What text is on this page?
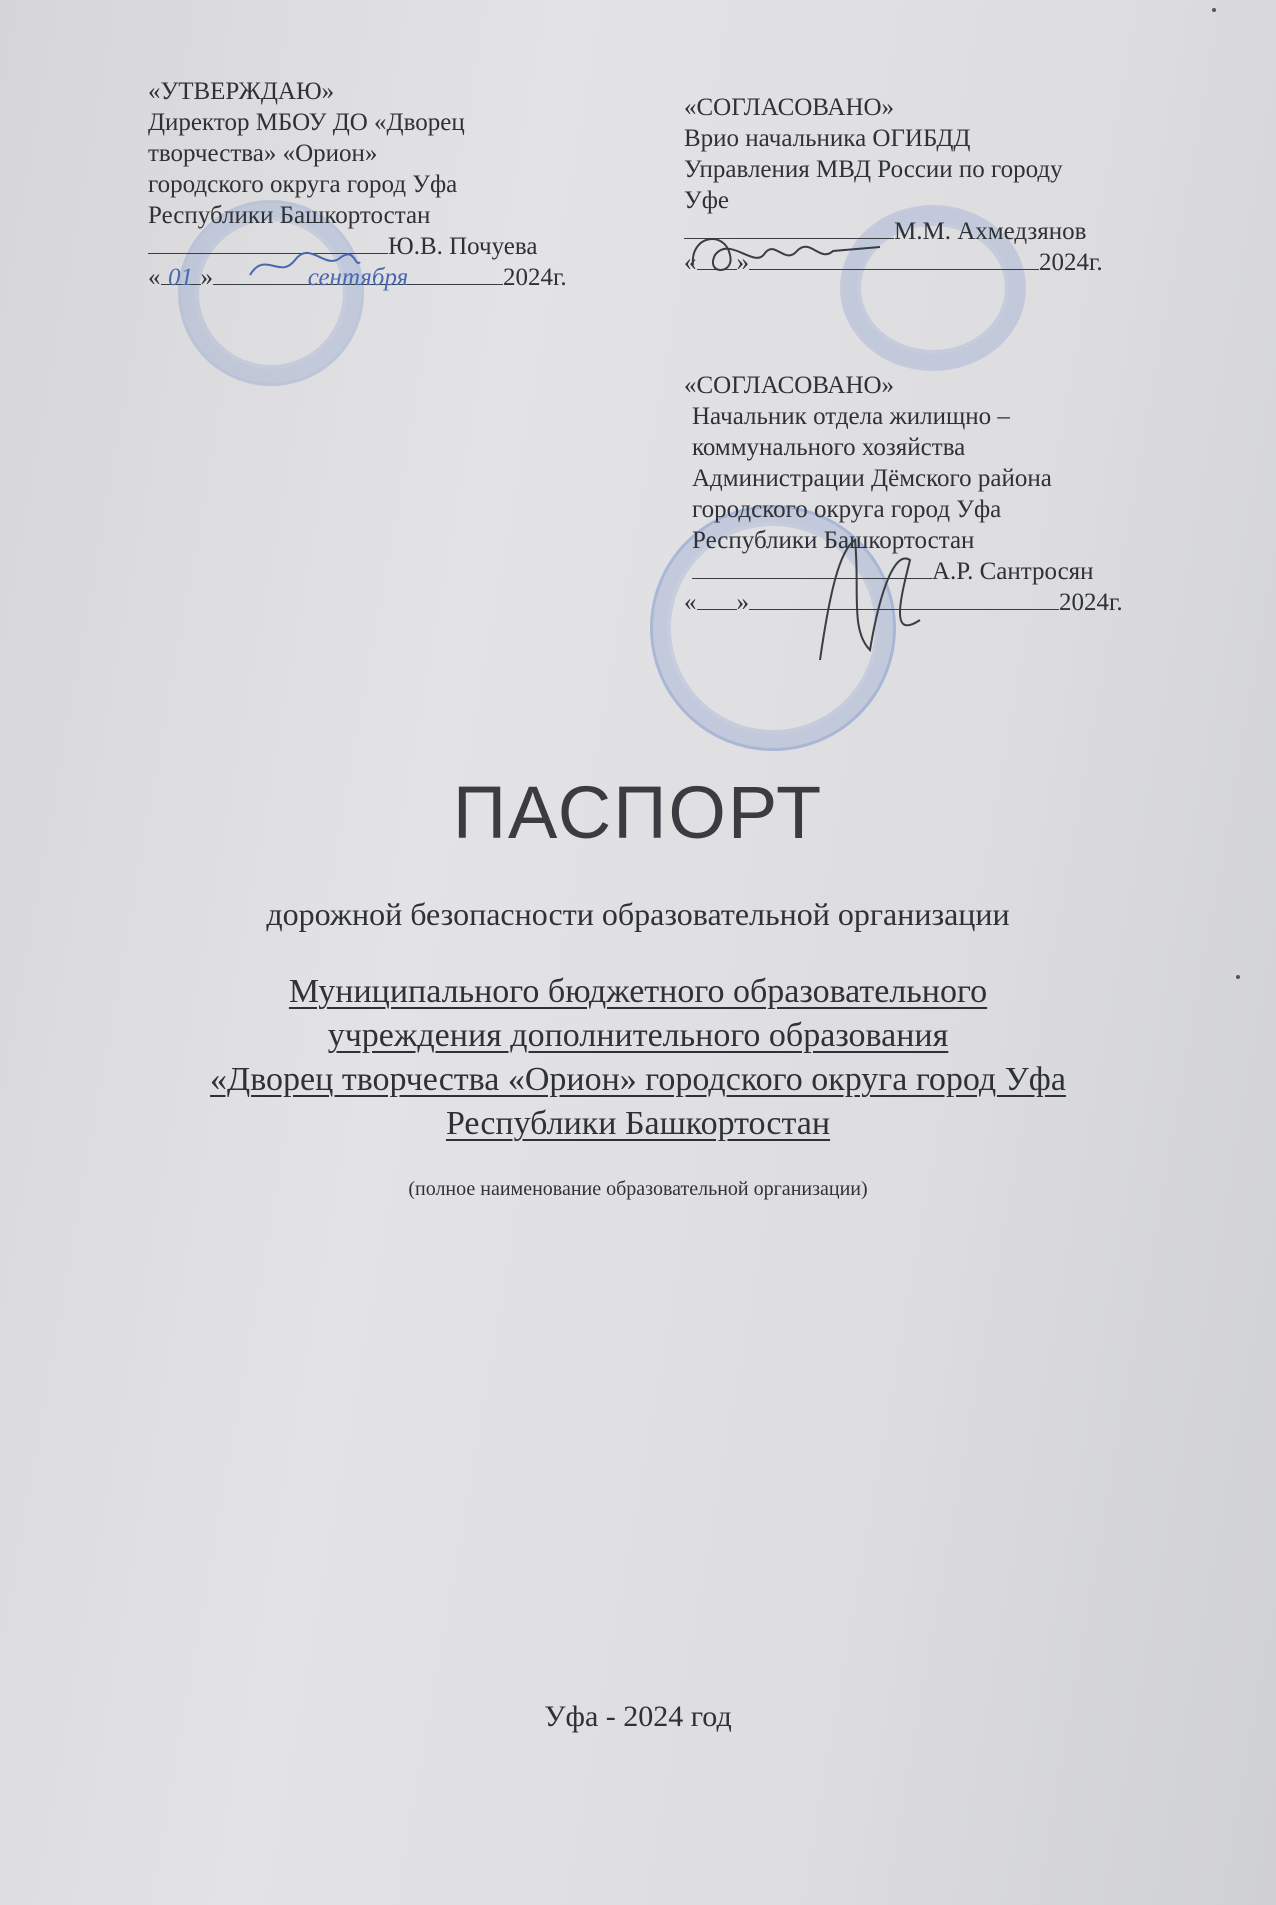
«УТВЕРЖДАЮ»
Директор МБОУ ДО «Дворец
творчества» «Орион»
городского округа город Уфа
Республики Башкортостан
Ю.В. Почуева
« 01 »	сентября	2024г.
«СОГЛАСОВАНО»
Врио начальника ОГИБДД
Управления МВД России по городу
Уфе
М.М. Ахмедзянов
« »	2024г.
«СОГЛАСОВАНО»
Начальник отдела жилищно –
коммунального хозяйства
Администрации Дёмского района
городского округа город Уфа
Республики Башкортостан
А.Р. Сантросян
« »	2024г.
ПАСПОРТ
дорожной безопасности образовательной организации
Муниципального бюджетного образовательного
учреждения дополнительного образования
«Дворец творчества «Орион» городского округа город Уфа
Республики Башкортостан
(полное наименование образовательной организации)
Уфа - 2024 год
